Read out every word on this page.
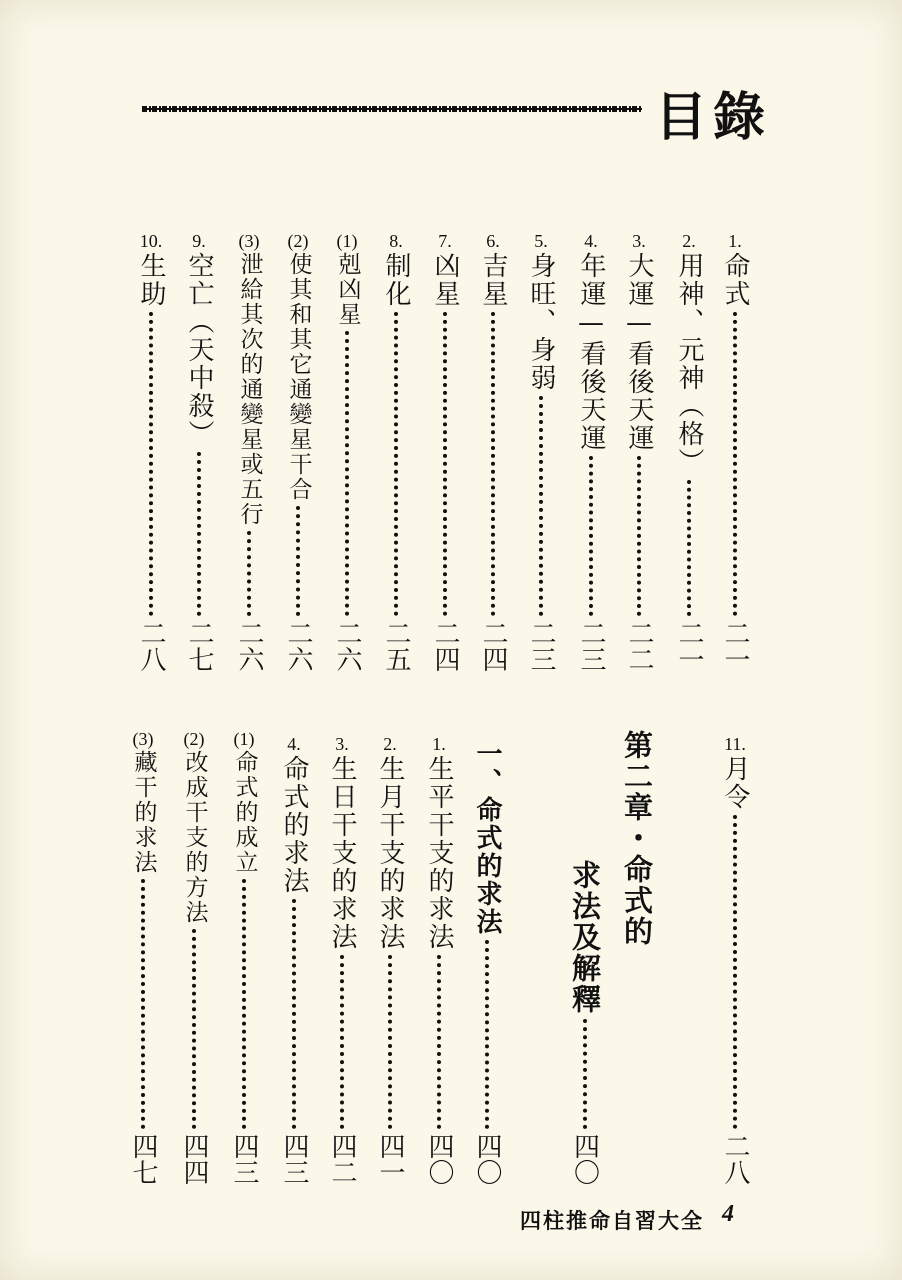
目錄
1.
命式
二一
2.
用神、元神（格）
二一
3.
大運—看後天運
二二
4.
年運—看後天運
二三
5.
身旺、身弱
二三
6.
吉星
二四
7.
凶星
二四
8.
制化
二五
(1)
剋凶星
二六
(2)
使其和其它通變星干合
二六
(3)
泄給其次的通變星或五行
二六
9.
空亡（天中殺）
二七
10.
生助
二八
11.
月令
二八
第二章・命式的
求法及解釋
四〇
一、命式的求法
四〇
1.
生平干支的求法
四〇
2.
生月干支的求法
四一
3.
生日干支的求法
四二
4.
命式的求法
四三
(1)
命式的成立
四三
(2)
改成干支的方法
四四
(3)
藏干的求法
四七
四柱推命自習大全 4
